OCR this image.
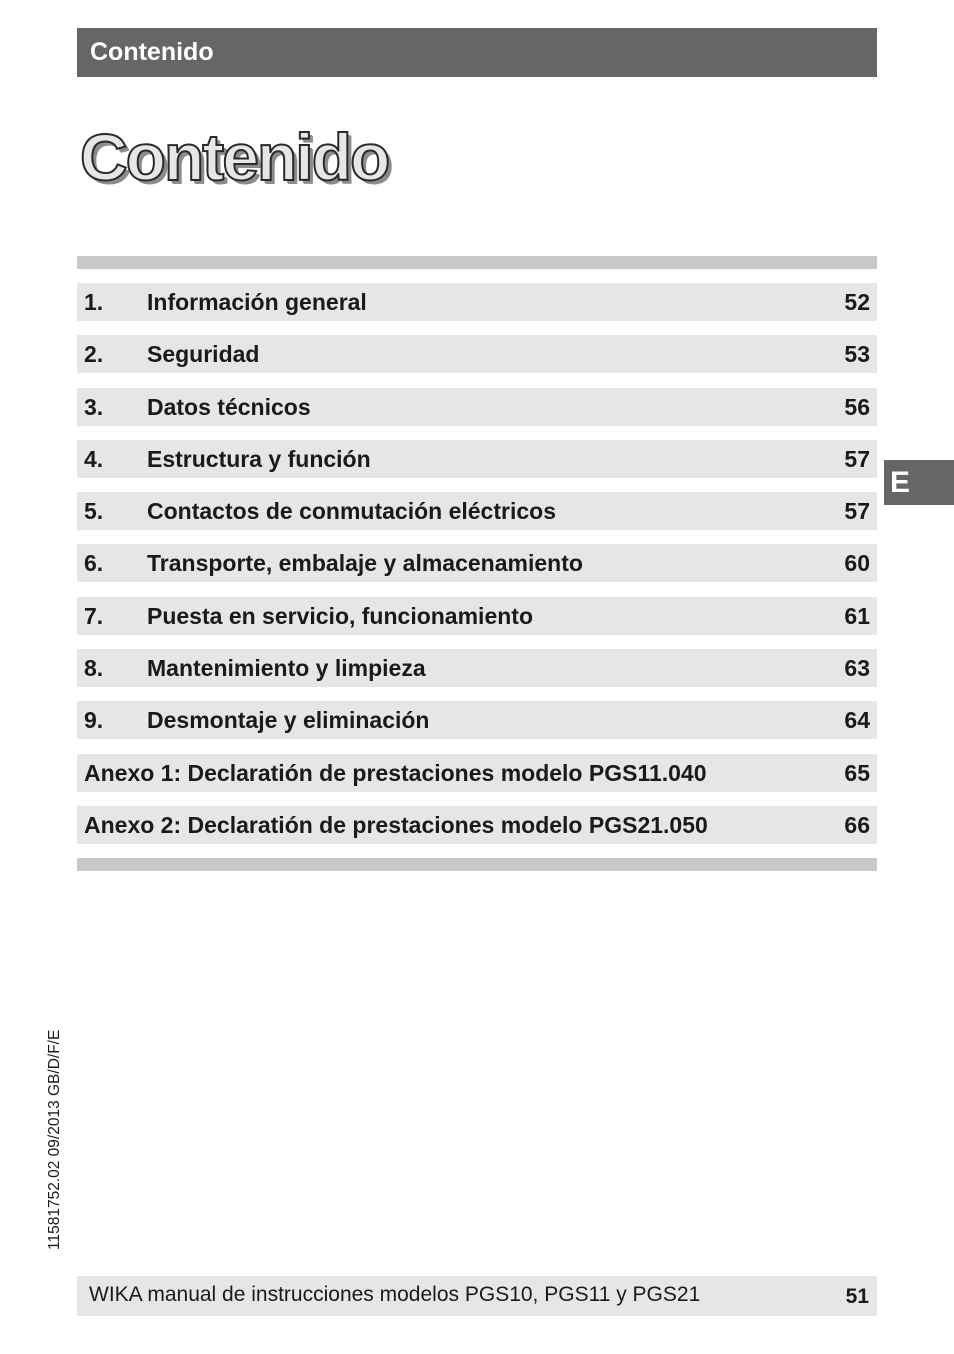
Contenido
Contenido
1. Información general	52
2. Seguridad	53
3. Datos técnicos	56
4. Estructura y función	57
5. Contactos de conmutación eléctricos	57
6. Transporte, embalaje y almacenamiento	60
7. Puesta en servicio, funcionamiento	61
8. Mantenimiento y limpieza	63
9. Desmontaje y eliminación	64
Anexo 1: Declaratión de prestaciones modelo PGS11.040	65
Anexo 2: Declaratión de prestaciones modelo PGS21.050	66
E
11581752.02 09/2013 GB/D/F/E
WIKA manual de instrucciones modelos PGS10, PGS11 y PGS21	51
